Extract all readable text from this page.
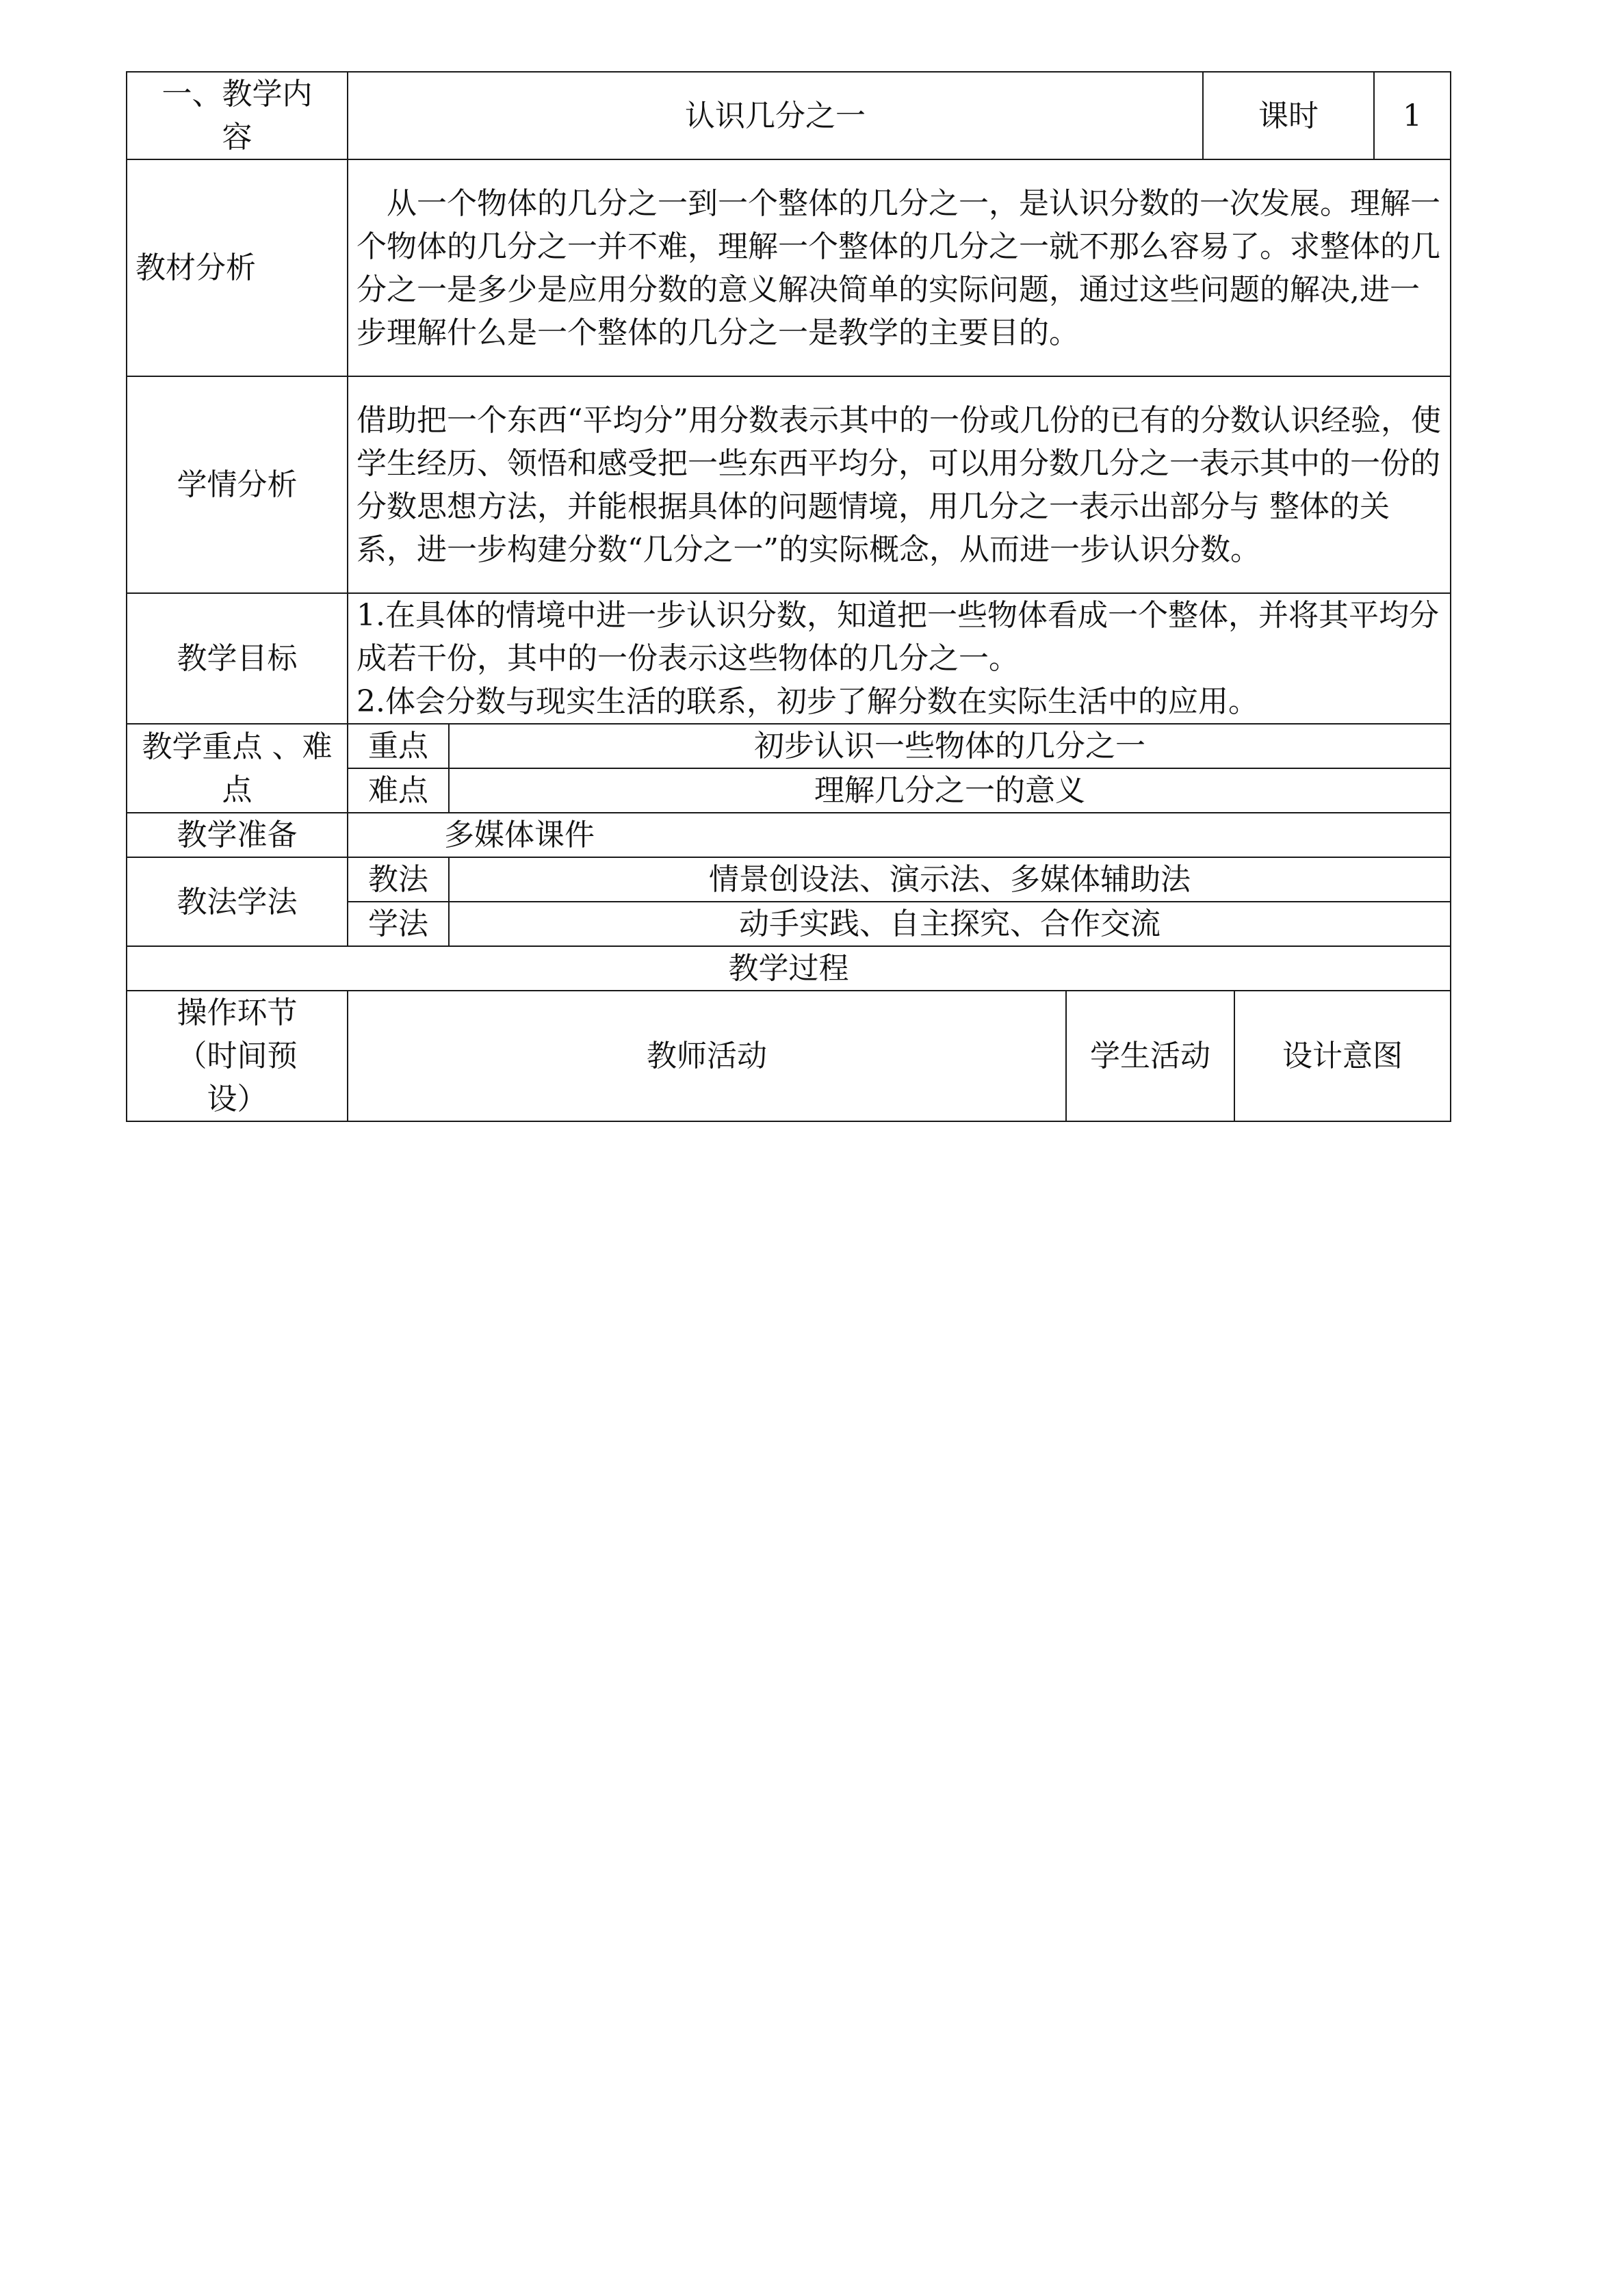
一、教学内容	认识几分之一			课时		1
教材分析	从一个物体的几分之一到一个整体的几分之一，是认识分数的一次发展。理解一个物体的几分之一并不难，理解一个整体的几分之一就不那么容易了。求整体的几分之一是多少是应用分数的意义解决简单的实际问题，通过这些问题的解决,进一步理解什么是一个整体的几分之一是教学的主要目的。					
学情分析	借助把一个东西“平均分”用分数表示其中的一份或几份的已有的分数认识经验，使学生经历、领悟和感受把一些东西平均分，可以用分数几分之一表示其中的一份的分数思想方法，并能根据具体的问题情境，用几分之一表示出部分与 整体的关系，进一步构建分数“几分之一”的实际概念，从而进一步认识分数。					
教学目标	1.在具体的情境中进一步认识分数，知道把一些物体看成一个整体，并将其平均分成若干份，其中的一份表示这些物体的几分之一。
2.体会分数与现实生活的联系，初步了解分数在实际生活中的应用。					

教学重点 、难点	重点	初步认识一些物体的几分之一				
	难点	理解几分之一的意义				
教学准备	多媒体课件					
教法学法	教法	情景创设法、演示法、多媒体辅助法				
	学法	动手实践、自主探究、合作交流				
教学过程						
操作环节（时间预设）	教师活动		学生活动		设计意图	
